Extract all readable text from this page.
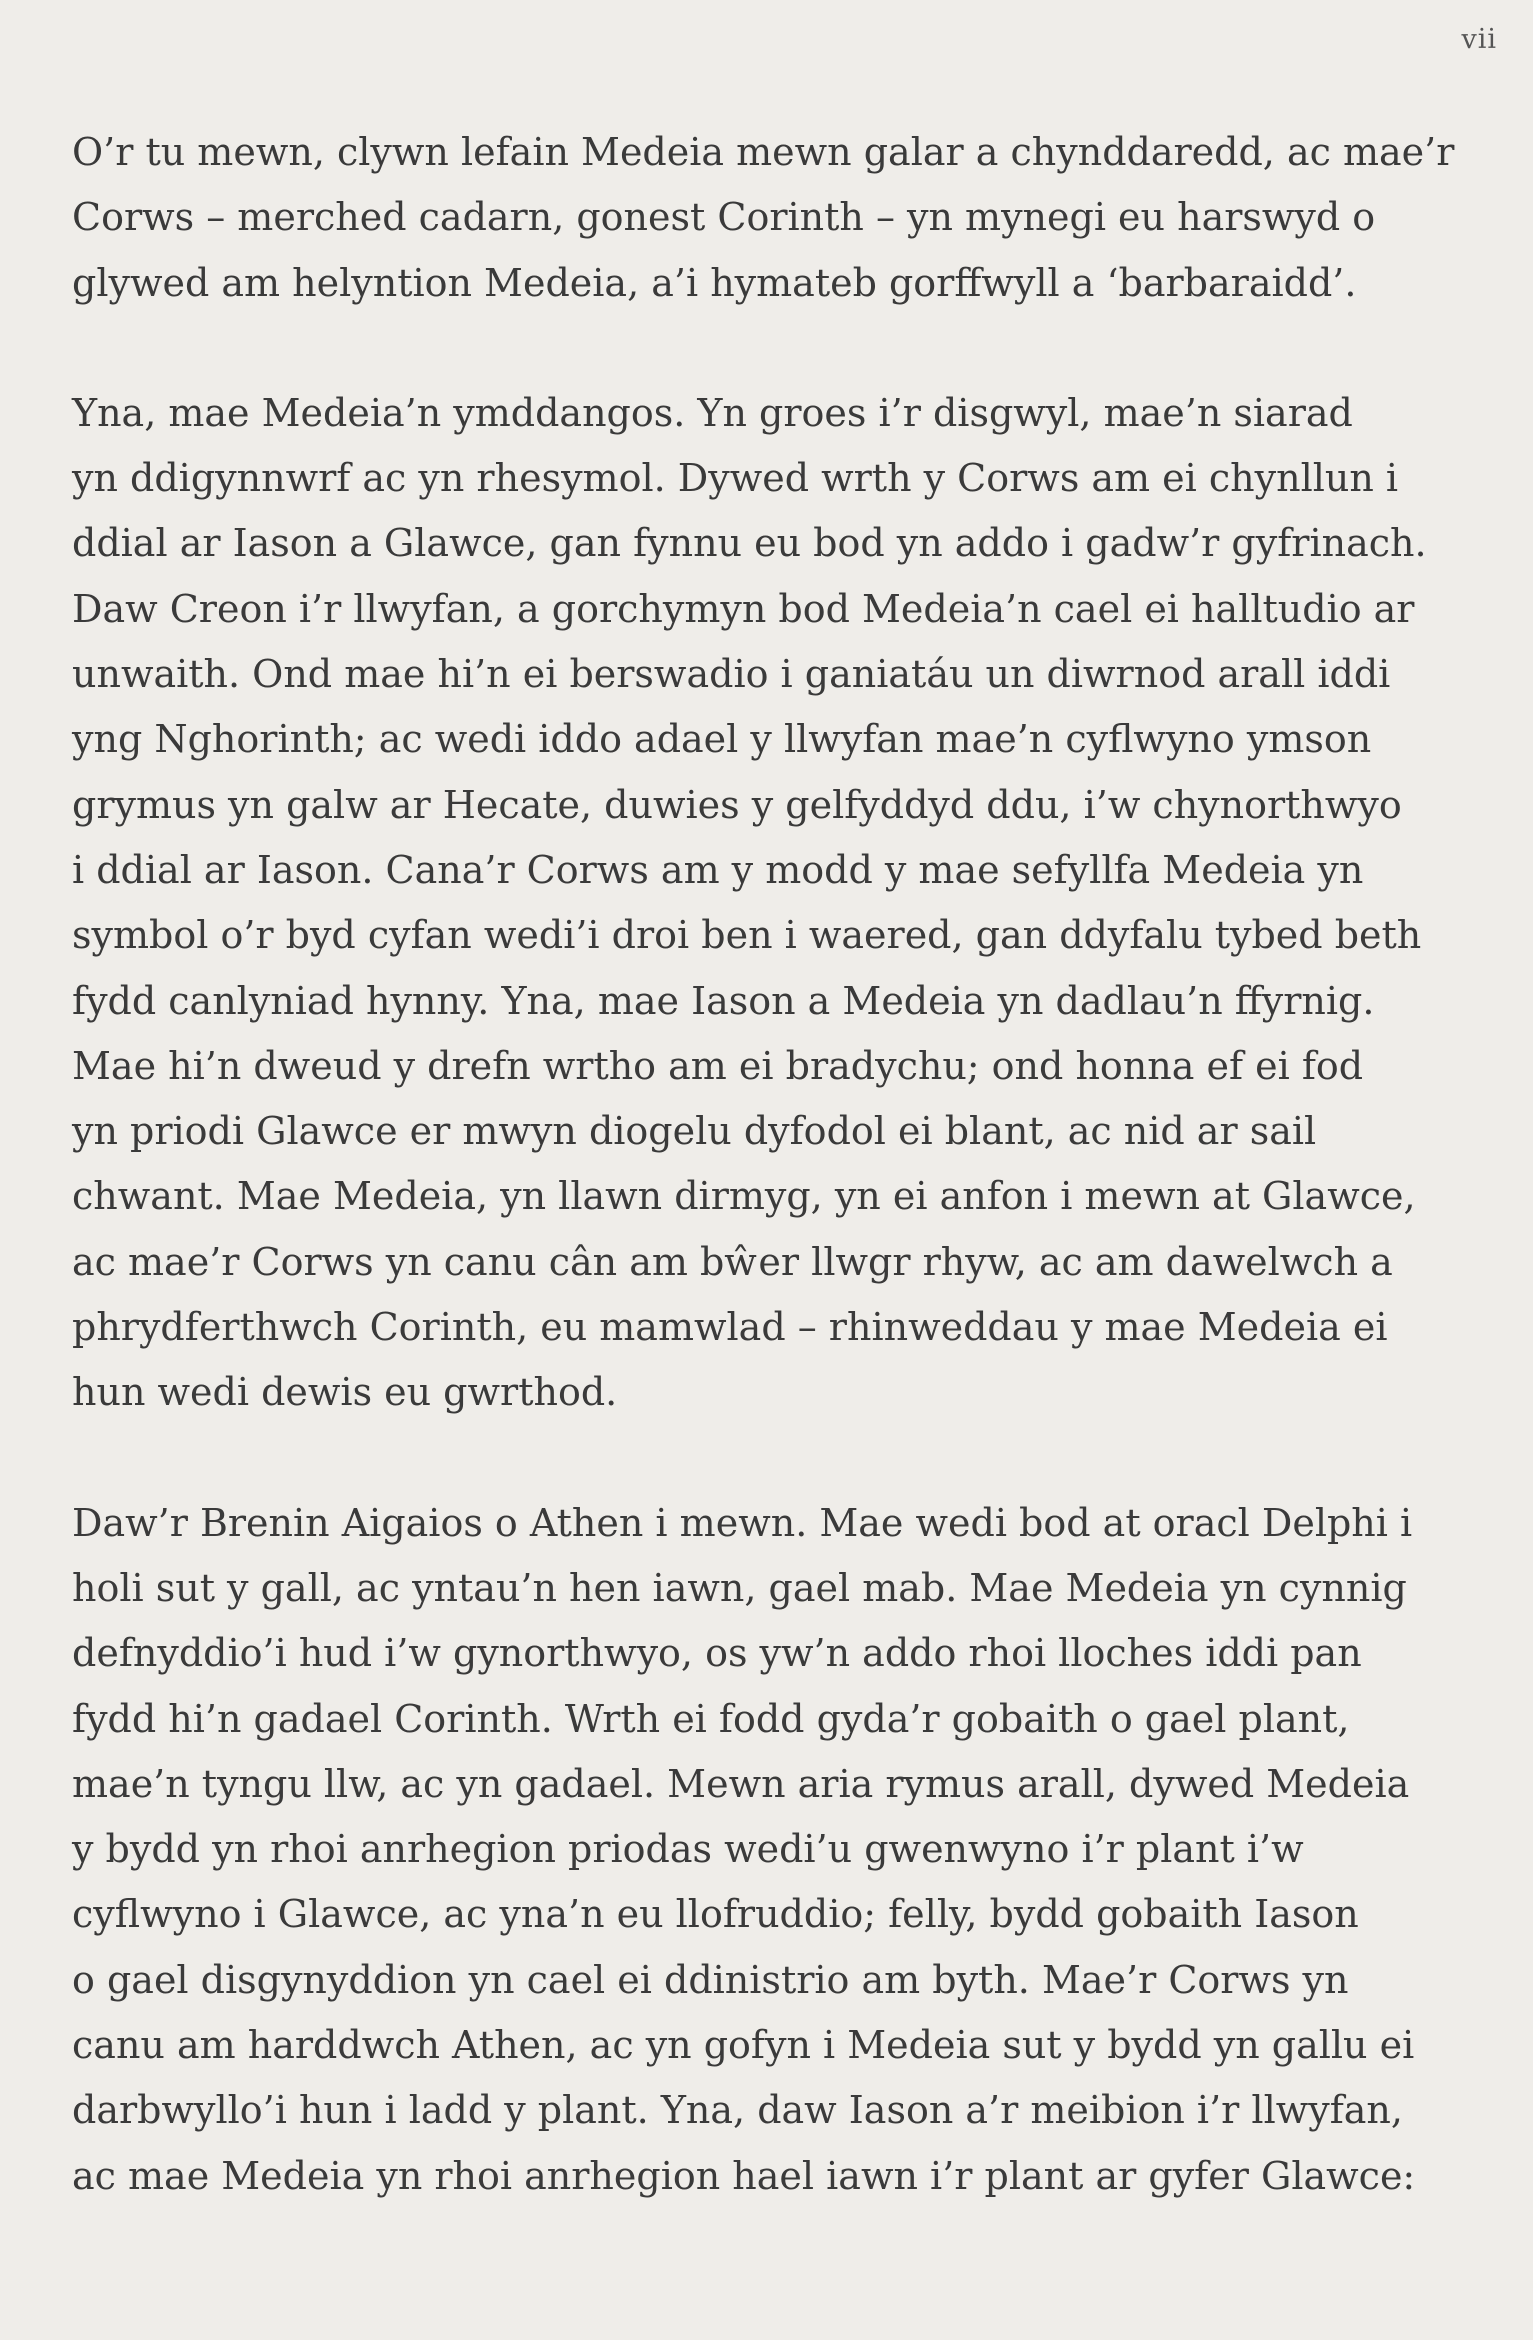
vii

O’r tu mewn, clywn lefain Medeia mewn galar a chynddaredd, ac mae’r
Corws – merched cadarn, gonest Corinth – yn mynegi eu harswyd o
glywed am helyntion Medeia, a’i hymateb gorffwyll a ‘barbaraidd’.

Yna, mae Medeia’n ymddangos. Yn groes i’r disgwyl, mae’n siarad
yn ddigynnwrf ac yn rhesymol. Dywed wrth y Corws am ei chynllun i
ddial ar Iason a Glawce, gan fynnu eu bod yn addo i gadw’r gyfrinach.
Daw Creon i’r llwyfan, a gorchymyn bod Medeia’n cael ei halltudio ar
unwaith. Ond mae hi’n ei berswadio i ganiatáu un diwrnod arall iddi
yng Nghorinth; ac wedi iddo adael y llwyfan mae’n cyflwyno ymson
grymus yn galw ar Hecate, duwies y gelfyddyd ddu, i’w chynorthwyo
i ddial ar Iason. Cana’r Corws am y modd y mae sefyllfa Medeia yn
symbol o’r byd cyfan wedi’i droi ben i waered, gan ddyfalu tybed beth
fydd canlyniad hynny. Yna, mae Iason a Medeia yn dadlau’n ffyrnig.
Mae hi’n dweud y drefn wrtho am ei bradychu; ond honna ef ei fod
yn priodi Glawce er mwyn diogelu dyfodol ei blant, ac nid ar sail
chwant. Mae Medeia, yn llawn dirmyg, yn ei anfon i mewn at Glawce,
ac mae’r Corws yn canu cân am bŵer llwgr rhyw, ac am dawelwch a
phrydferthwch Corinth, eu mamwlad – rhinweddau y mae Medeia ei
hun wedi dewis eu gwrthod.

Daw’r Brenin Aigaios o Athen i mewn. Mae wedi bod at oracl Delphi i
holi sut y gall, ac yntau’n hen iawn, gael mab. Mae Medeia yn cynnig
defnyddio’i hud i’w gynorthwyo, os yw’n addo rhoi lloches iddi pan
fydd hi’n gadael Corinth. Wrth ei fodd gyda’r gobaith o gael plant,
mae’n tyngu llw, ac yn gadael. Mewn aria rymus arall, dywed Medeia
y bydd yn rhoi anrhegion priodas wedi’u gwenwyno i’r plant i’w
cyflwyno i Glawce, ac yna’n eu llofruddio; felly, bydd gobaith Iason
o gael disgynyddion yn cael ei ddinistrio am byth. Mae’r Corws yn
canu am harddwch Athen, ac yn gofyn i Medeia sut y bydd yn gallu ei
darbwyllo’i hun i ladd y plant. Yna, daw Iason a’r meibion i’r llwyfan,
ac mae Medeia yn rhoi anrhegion hael iawn i’r plant ar gyfer Glawce:
